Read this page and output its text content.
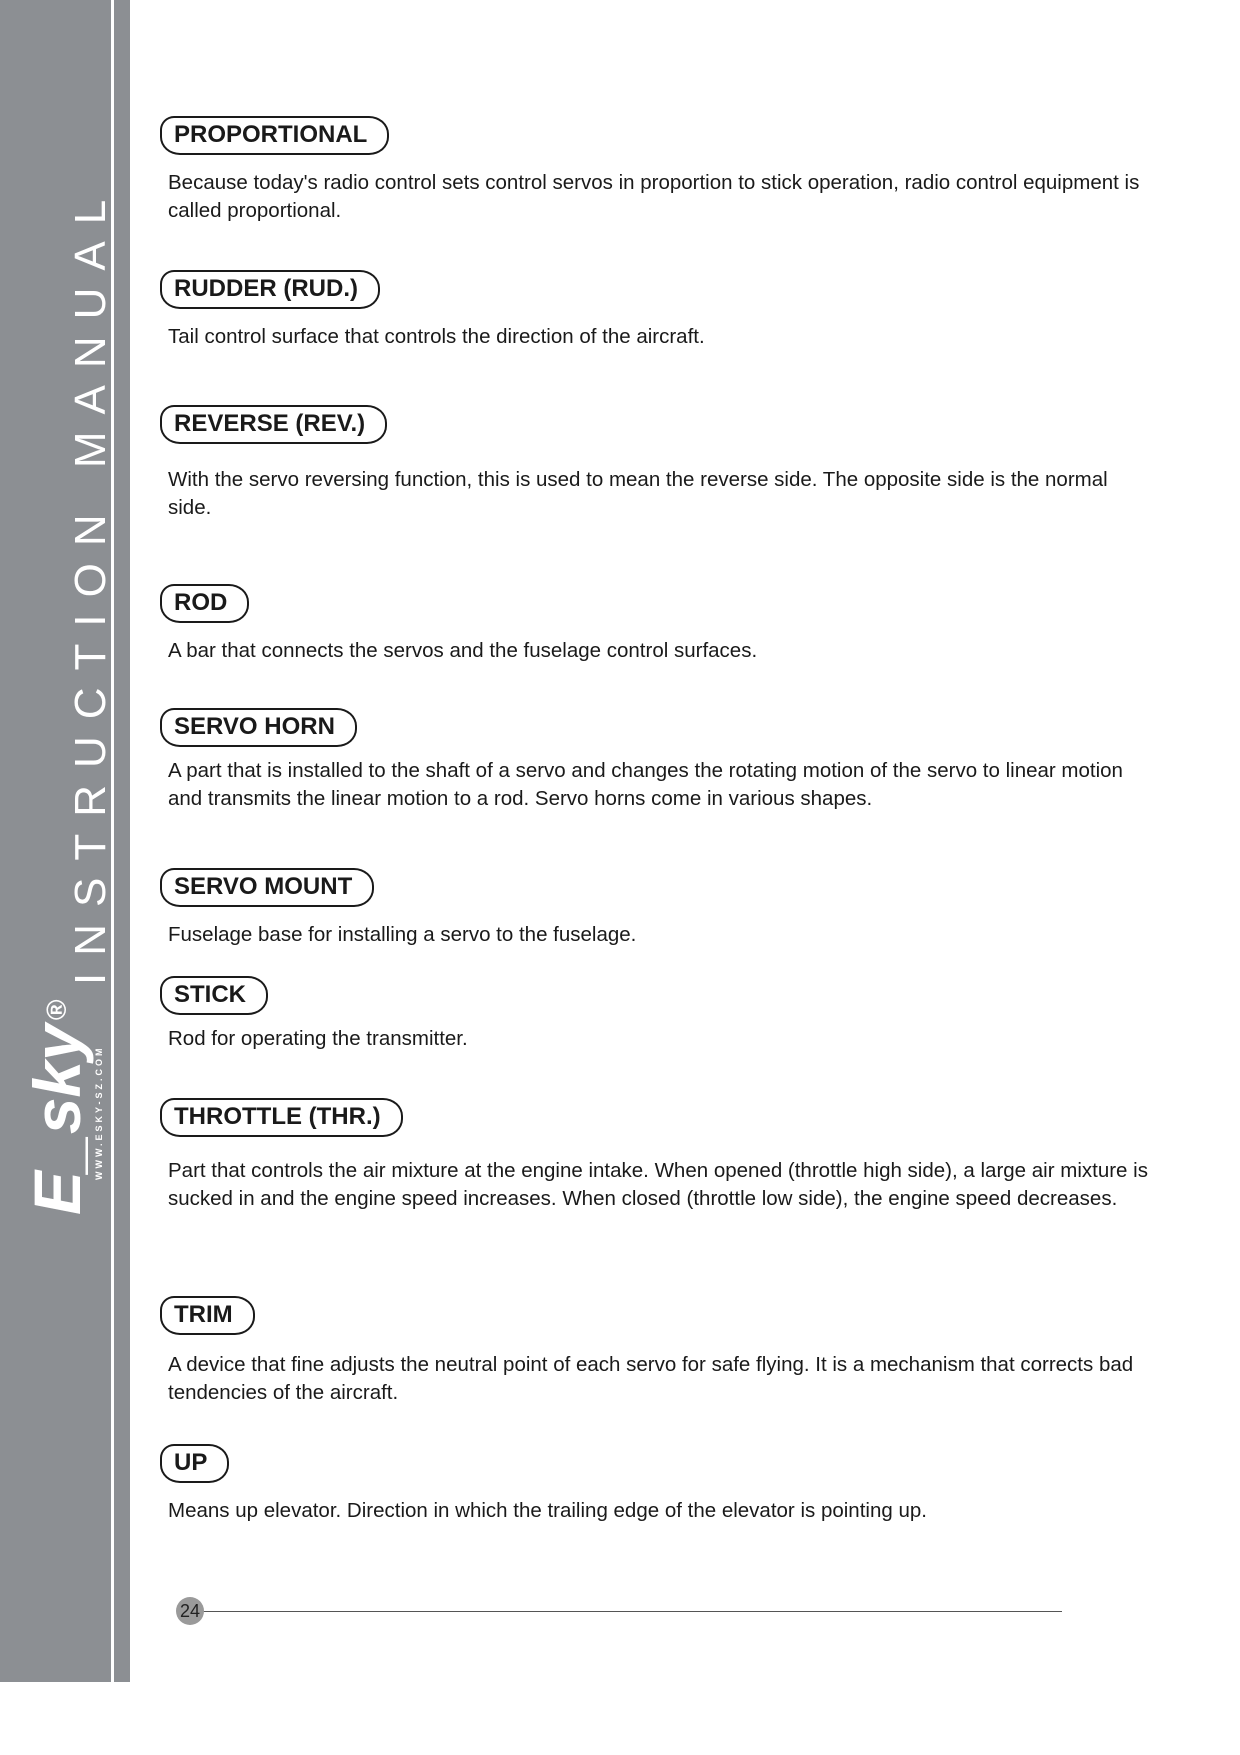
INSTRUCTION MANUAL
E_sky®
WWW.ESKY-SZ.COM
PROPORTIONAL
Because today's radio control sets control servos in proportion to stick operation, radio control equipment is called proportional.
RUDDER (RUD.)
Tail control surface that controls the direction of the aircraft.
REVERSE (REV.)
With the servo reversing function, this is used to mean the reverse side. The opposite side is the normal side.
ROD
A bar that connects the servos and the fuselage control surfaces.
SERVO HORN
A part that is installed to the shaft of a servo and changes the rotating motion of the servo to linear motion and transmits the linear motion to a rod. Servo horns come in various shapes.
SERVO MOUNT
Fuselage base for installing a servo to the fuselage.
STICK
Rod for operating the transmitter.
THROTTLE (THR.)
Part that controls the air mixture at the engine intake. When opened (throttle high side), a large air mixture is sucked in and the engine speed increases. When closed (throttle low side), the engine speed decreases.
TRIM
A device that fine adjusts the neutral point of each servo for safe flying. It is a mechanism that corrects bad tendencies of the aircraft.
UP
Means up elevator. Direction in which the trailing edge of the elevator is pointing up.
24
